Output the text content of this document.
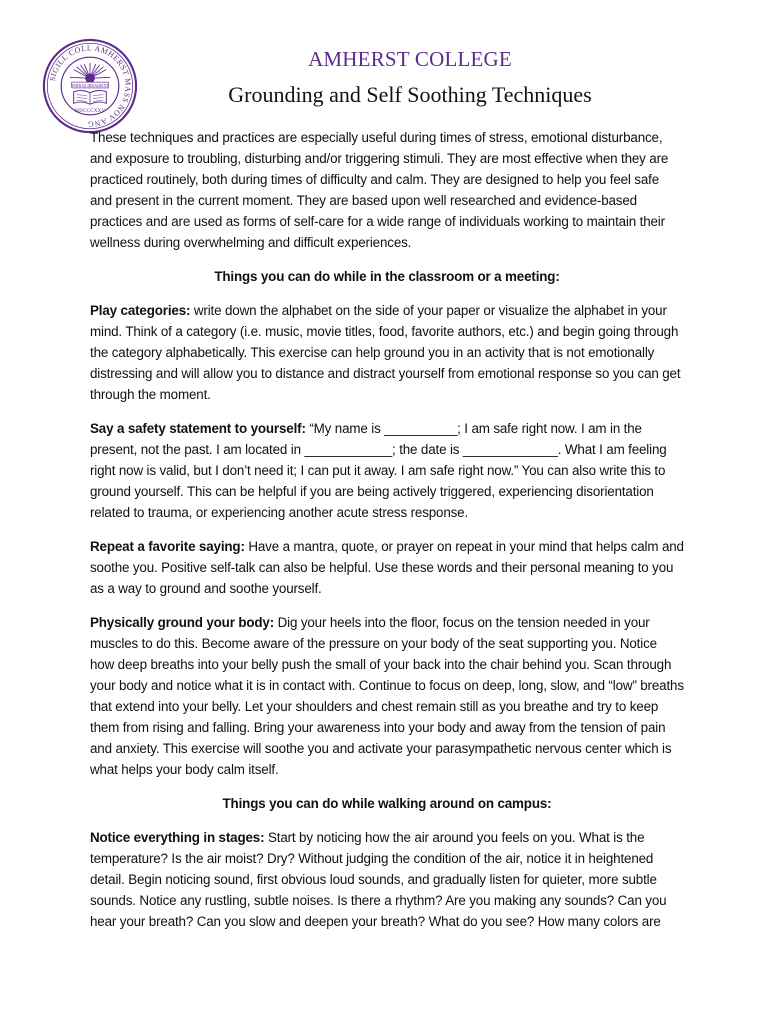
SIGILL COLL AMHERST MASS NOV ANG
TERRAS IRRADIENT
MDCCCXXV
AMHERST COLLEGE
Grounding and Self Soothing Techniques

These techniques and practices are especially useful during times of stress, emotional disturbance, and exposure to troubling, disturbing and/or triggering stimuli. They are most effective when they are practiced routinely, both during times of difficulty and calm. They are designed to help you feel safe and present in the current moment. They are based upon well researched and evidence-based practices and are used as forms of self-care for a wide range of individuals working to maintain their wellness during overwhelming and difficult experiences.

Things you can do while in the classroom or a meeting:

Play categories: write down the alphabet on the side of your paper or visualize the alphabet in your mind. Think of a category (i.e. music, movie titles, food, favorite authors, etc.) and begin going through the category alphabetically. This exercise can help ground you in an activity that is not emotionally distressing and will allow you to distance and distract yourself from emotional response so you can get through the moment.

Say a safety statement to yourself: “My name is __________; I am safe right now. I am in the present, not the past. I am located in ____________; the date is _____________. What I am feeling right now is valid, but I don’t need it; I can put it away. I am safe right now.” You can also write this to ground yourself. This can be helpful if you are being actively triggered, experiencing disorientation related to trauma, or experiencing another acute stress response.

Repeat a favorite saying: Have a mantra, quote, or prayer on repeat in your mind that helps calm and soothe you. Positive self-talk can also be helpful. Use these words and their personal meaning to you as a way to ground and soothe yourself.

Physically ground your body: Dig your heels into the floor, focus on the tension needed in your muscles to do this. Become aware of the pressure on your body of the seat supporting you. Notice how deep breaths into your belly push the small of your back into the chair behind you. Scan through your body and notice what it is in contact with. Continue to focus on deep, long, slow, and “low” breaths that extend into your belly. Let your shoulders and chest remain still as you breathe and try to keep them from rising and falling. Bring your awareness into your body and away from the tension of pain and anxiety. This exercise will soothe you and activate your parasympathetic nervous center which is what helps your body calm itself.

Things you can do while walking around on campus:

Notice everything in stages: Start by noticing how the air around you feels on you. What is the temperature? Is the air moist? Dry? Without judging the condition of the air, notice it in heightened detail. Begin noticing sound, first obvious loud sounds, and gradually listen for quieter, more subtle sounds. Notice any rustling, subtle noises. Is there a rhythm? Are you making any sounds? Can you hear your breath? Can you slow and deepen your breath? What do you see? How many colors are
